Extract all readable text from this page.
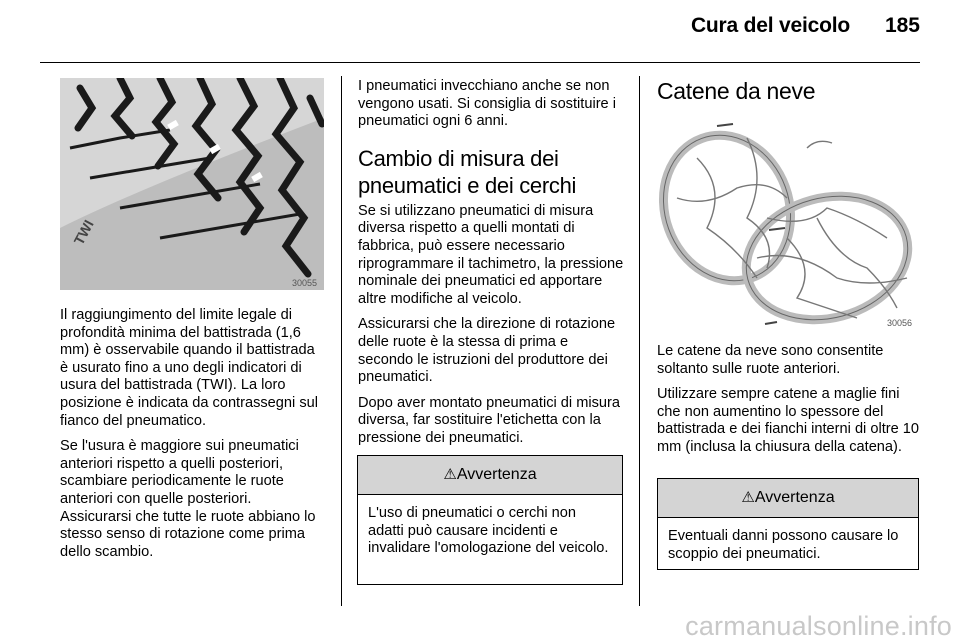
Cura del veicolo	185
TWI
30055

Il raggiungimento del limite legale di profondità minima del battistrada (1,6 mm) è osservabile quando il battistrada è usurato fino a uno degli indicatori di usura del battistrada (TWI). La loro posizione è indicata da contrassegni sul fianco del pneumatico.

Se l'usura è maggiore sui pneumatici anteriori rispetto a quelli posteriori, scambiare periodicamente le ruote anteriori con quelle posteriori. Assicurarsi che tutte le ruote abbiano lo stesso senso di rotazione come prima dello scambio.

I pneumatici invecchiano anche se non vengono usati. Si consiglia di sostituire i pneumatici ogni 6 anni.

Cambio di misura dei pneumatici e dei cerchi

Se si utilizzano pneumatici di misura diversa rispetto a quelli montati di fabbrica, può essere necessario riprogrammare il tachimetro, la pressione nominale dei pneumatici ed apportare altre modifiche al veicolo.

Assicurarsi che la direzione di rotazione delle ruote è la stessa di prima e secondo le istruzioni del produttore dei pneumatici.

Dopo aver montato pneumatici di misura diversa, far sostituire l'etichetta con la pressione dei pneumatici.

⚠Avvertenza
L'uso di pneumatici o cerchi non adatti può causare incidenti e invalidare l'omologazione del veicolo.
Catene da neve
30056

Le catene da neve sono consentite soltanto sulle ruote anteriori.

Utilizzare sempre catene a maglie fini che non aumentino lo spessore del battistrada e dei fianchi interni di oltre 10 mm (inclusa la chiusura della catena).

⚠Avvertenza
Eventuali danni possono causare lo scoppio dei pneumatici.
carmanualsonline.info
